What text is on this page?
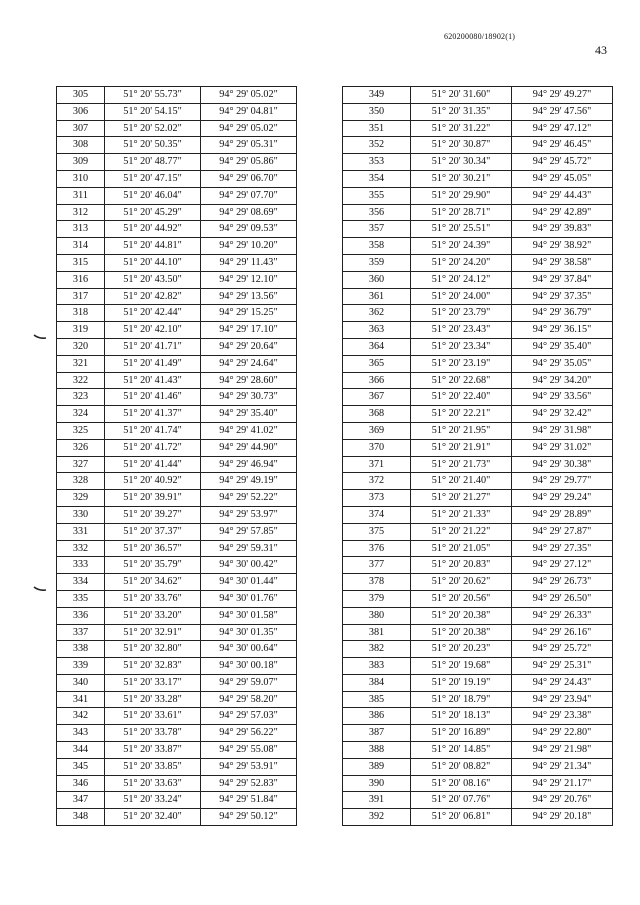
620200080/18902(1)
43
305	51° 20' 55.73"	94° 29' 05.02"
306	51° 20' 54.15"	94° 29' 04.81"
307	51° 20' 52.02"	94° 29' 05.02"
308	51° 20' 50.35"	94° 29' 05.31"
309	51° 20' 48.77"	94° 29' 05.86"
310	51° 20' 47.15"	94° 29' 06.70"
311	51° 20' 46.04"	94° 29' 07.70"
312	51° 20' 45.29"	94° 29' 08.69"
313	51° 20' 44.92"	94° 29' 09.53"
314	51° 20' 44.81"	94° 29' 10.20"
315	51° 20' 44.10"	94° 29' 11.43"
316	51° 20' 43.50"	94° 29' 12.10"
317	51° 20' 42.82"	94° 29' 13.56"
318	51° 20' 42.44"	94° 29' 15.25"
319	51° 20' 42.10"	94° 29' 17.10"
320	51° 20' 41.71"	94° 29' 20.64"
321	51° 20' 41.49"	94° 29' 24.64"
322	51° 20' 41.43"	94° 29' 28.60"
323	51° 20' 41.46"	94° 29' 30.73"
324	51° 20' 41.37"	94° 29' 35.40"
325	51° 20' 41.74"	94° 29' 41.02"
326	51° 20' 41.72"	94° 29' 44.90"
327	51° 20' 41.44"	94° 29' 46.94"
328	51° 20' 40.92"	94° 29' 49.19"
329	51° 20' 39.91"	94° 29' 52.22"
330	51° 20' 39.27"	94° 29' 53.97"
331	51° 20' 37.37"	94° 29' 57.85"
332	51° 20' 36.57"	94° 29' 59.31"
333	51° 20' 35.79"	94° 30' 00.42"
334	51° 20' 34.62"	94° 30' 01.44"
335	51° 20' 33.76"	94° 30' 01.76"
336	51° 20' 33.20"	94° 30' 01.58"
337	51° 20' 32.91"	94° 30' 01.35"
338	51° 20' 32.80"	94° 30' 00.64"
339	51° 20' 32.83"	94° 30' 00.18"
340	51° 20' 33.17"	94° 29' 59.07"
341	51° 20' 33.28"	94° 29' 58.20"
342	51° 20' 33.61"	94° 29' 57.03"
343	51° 20' 33.78"	94° 29' 56.22"
344	51° 20' 33.87"	94° 29' 55.08"
345	51° 20' 33.85"	94° 29' 53.91"
346	51° 20' 33.63"	94° 29' 52.83"
347	51° 20' 33.24"	94° 29' 51.84"
348	51° 20' 32.40"	94° 29' 50.12"
349	51° 20' 31.60"	94° 29' 49.27"
350	51° 20' 31.35"	94° 29' 47.56"
351	51° 20' 31.22"	94° 29' 47.12"
352	51° 20' 30.87"	94° 29' 46.45"
353	51° 20' 30.34"	94° 29' 45.72"
354	51° 20' 30.21"	94° 29' 45.05"
355	51° 20' 29.90"	94° 29' 44.43"
356	51° 20' 28.71"	94° 29' 42.89"
357	51° 20' 25.51"	94° 29' 39.83"
358	51° 20' 24.39"	94° 29' 38.92"
359	51° 20' 24.20"	94° 29' 38.58"
360	51° 20' 24.12"	94° 29' 37.84"
361	51° 20' 24.00"	94° 29' 37.35"
362	51° 20' 23.79"	94° 29' 36.79"
363	51° 20' 23.43"	94° 29' 36.15"
364	51° 20' 23.34"	94° 29' 35.40"
365	51° 20' 23.19"	94° 29' 35.05"
366	51° 20' 22.68"	94° 29' 34.20"
367	51° 20' 22.40"	94° 29' 33.56"
368	51° 20' 22.21"	94° 29' 32.42"
369	51° 20' 21.95"	94° 29' 31.98"
370	51° 20' 21.91"	94° 29' 31.02"
371	51° 20' 21.73"	94° 29' 30.38"
372	51° 20' 21.40"	94° 29' 29.77"
373	51° 20' 21.27"	94° 29' 29.24"
374	51° 20' 21.33"	94° 29' 28.89"
375	51° 20' 21.22"	94° 29' 27.87"
376	51° 20' 21.05"	94° 29' 27.35"
377	51° 20' 20.83"	94° 29' 27.12"
378	51° 20' 20.62"	94° 29' 26.73"
379	51° 20' 20.56"	94° 29' 26.50"
380	51° 20' 20.38"	94° 29' 26.33"
381	51° 20' 20.38"	94° 29' 26.16"
382	51° 20' 20.23"	94° 29' 25.72"
383	51° 20' 19.68"	94° 29' 25.31"
384	51° 20' 19.19"	94° 29' 24.43"
385	51° 20' 18.79"	94° 29' 23.94"
386	51° 20' 18.13"	94° 29' 23.38"
387	51° 20' 16.89"	94° 29' 22.80"
388	51° 20' 14.85"	94° 29' 21.98"
389	51° 20' 08.82"	94° 29' 21.34"
390	51° 20' 08.16"	94° 29' 21.17"
391	51° 20' 07.76"	94° 29' 20.76"
392	51° 20' 06.81"	94° 29' 20.18"
